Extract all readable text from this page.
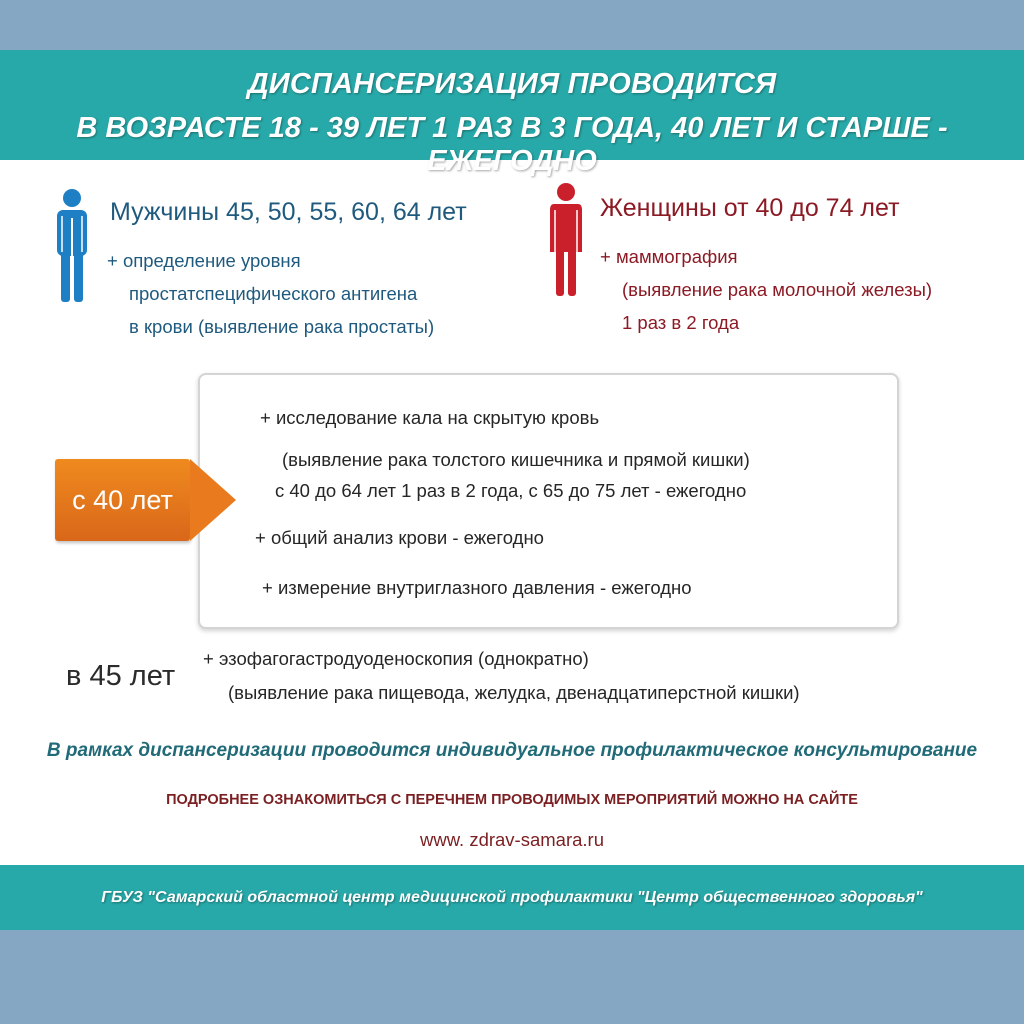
ДИСПАНСЕРИЗАЦИЯ ПРОВОДИТСЯ
В ВОЗРАСТЕ 18 - 39 ЛЕТ 1 РАЗ В 3 ГОДА, 40 ЛЕТ И СТАРШЕ - ЕЖЕГОДНО
Мужчины 45, 50, 55, 60, 64 лет
+ определение уровня
простатспецифического антигена
в крови (выявление рака простаты)
Женщины от 40 до 74 лет
+ маммография
(выявление рака молочной железы)
1 раз в 2 года
+ исследование кала на скрытую кровь
(выявление рака толстого кишечника и прямой кишки)
с 40 до 64 лет 1 раз в 2 года, с 65 до 75 лет - ежегодно
+ общий анализ крови - ежегодно
+ измерение внутриглазного давления - ежегодно
с 40 лет
в 45 лет
+ эзофагогастродуоденоскопия (однократно)
(выявление рака пищевода, желудка, двенадцатиперстной кишки)
В рамках диспансеризации проводится индивидуальное профилактическое консультирование
ПОДРОБНЕЕ ОЗНАКОМИТЬСЯ С ПЕРЕЧНЕМ ПРОВОДИМЫХ МЕРОПРИЯТИЙ МОЖНО НА САЙТЕ
www. zdrav-samara.ru
ГБУЗ "Самарский областной центр медицинской профилактики "Центр общественного здоровья"
